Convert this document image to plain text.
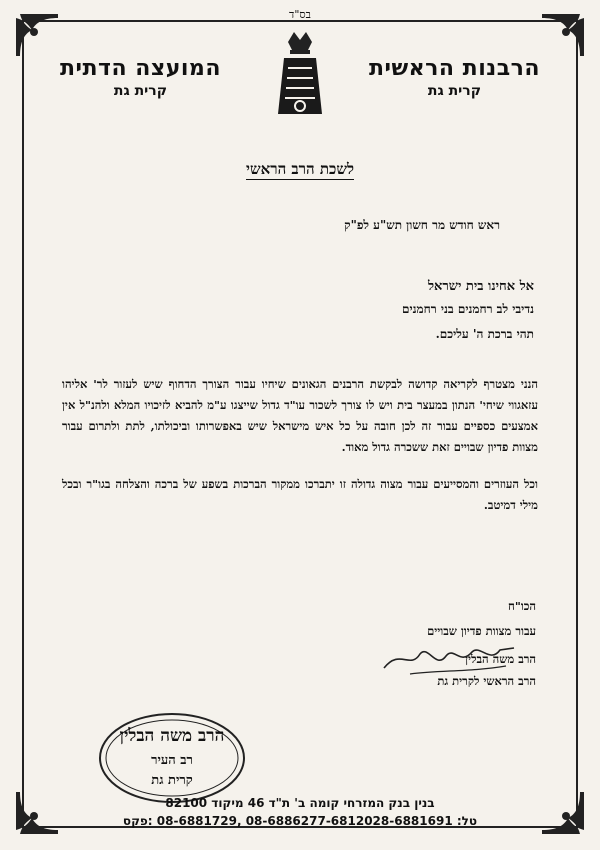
בס"ד
הרבנות הראשית
קרית גת
המועצה הדתית
קרית גת
לשכת הרב הראשי
ראש חודש מר חשון תש"ע לפ"ק
אל אחינו בית ישראל
נדיבי לב רחמנים בני רחמנים
תהי ברכת ה' עליכם.
הנני מצטרף לקריאה קדושה לבקשת הרבנים הגאונים שיחיו עבור הצורך הדחוף שיש לעזור לר' אליהו עזאגווי שיחי' הנתון במעצר בית ויש לו צורך לשכור עו"ד גדול שייצגו ע"מ להביא לזיכויו המלא ולהנ"ל אין אמצעים כספיים עבור זה לכן חובה על כל איש מישראל שיש באפשרותו וביכולתו, לתת ולתרום עבור מצוות פדיון שבויים זאת ששכרה גדול מאוד.
וכל העוזרים והמסייעים עבור מצוה גדולה זו יתברכו ממקור הברכות בשפע של ברכה והצלחה בגו"ר ובכל מילי דמיטב.
הכו"ח
עבור מצוות פדיון שבויים
הרב משה הבלין
הרב הראשי לקרית גת
הרב משה הבלין
רב העיר
קרית גת
בנין בנק המזרחי קומה ב' ת"ד 46 מיקוד 82100
טל: 08-6886277-6812028-6881691 ,08-6881729 :פקס
